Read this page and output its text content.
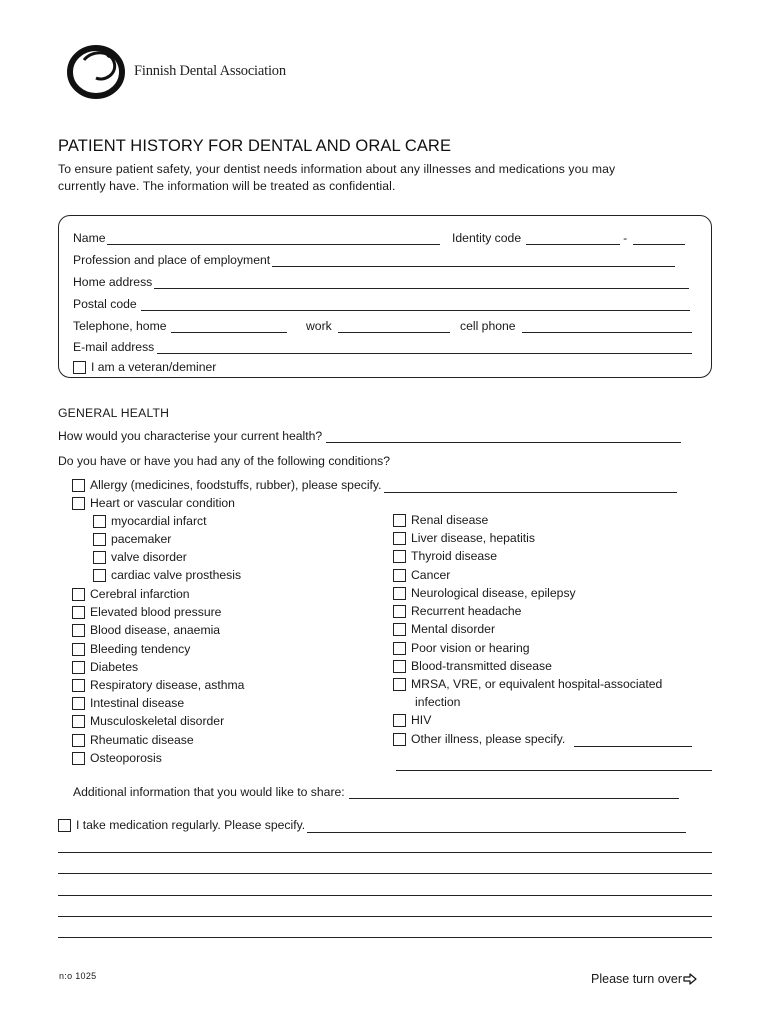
Finnish Dental Association
PATIENT HISTORY FOR DENTAL AND ORAL CARE
To ensure patient safety, your dentist needs information about any illnesses and medications you may
currently have. The information will be treated as confidential.
Name	Identity code	-
Profession and place of employment
Home address
Postal code
Telephone, home	work	cell phone
E-mail address
I am a veteran/deminer
GENERAL HEALTH
How would you characterise your current health?
Do you have or have you had any of the following conditions?
Allergy (medicines, foodstuffs, rubber), please specify.
Heart or vascular condition
myocardial infarct
pacemaker
valve disorder
cardiac valve prosthesis
Cerebral infarction
Elevated blood pressure
Blood disease, anaemia
Bleeding tendency
Diabetes
Respiratory disease, asthma
Intestinal disease
Musculoskeletal disorder
Rheumatic disease
Osteoporosis
Renal disease
Liver disease, hepatitis
Thyroid disease
Cancer
Neurological disease, epilepsy
Recurrent headache
Mental disorder
Poor vision or hearing
Blood-transmitted disease
MRSA, VRE, or equivalent hospital-associated
infection
HIV
Other illness, please specify.
Additional information that you would like to share:
I take medication regularly. Please specify.
n:o 1025	Please turn over
